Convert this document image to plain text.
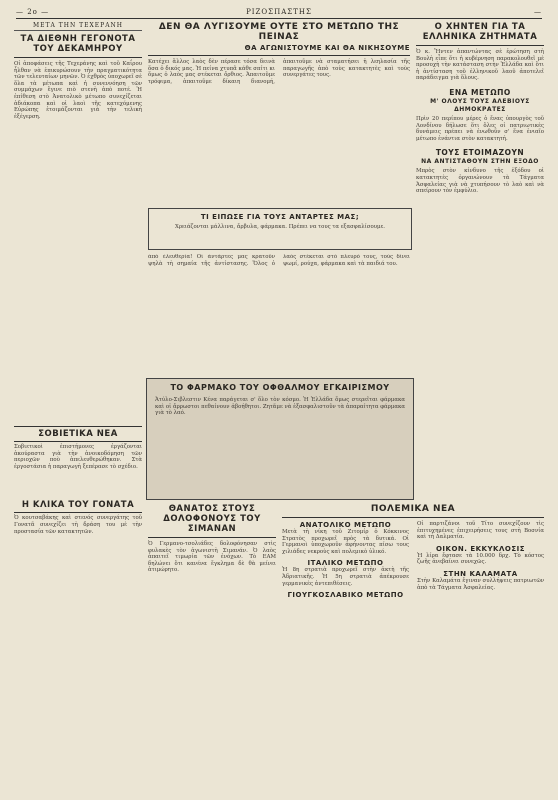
— 2ο —	ΡΙΖΟΣΠΑΣΤΗΣ	—
ΜΕΤΑ ΤΗΝ ΤΕΧΕΡΑΝΗ
ΤΑ ΔΙΕΘΝΗ ΓΕΓΟΝΟΤΑ ΤΟΥ ΔΕΚΑΜΗΡΟΥ
Οἱ ἀποφάσεις τῆς Τεχεράνης καὶ τοῦ Καΐρου ἦλθαν νὰ ἐπικυρώσουν τὴν πραγματικότητα τῶν τελευταίων μηνῶν. Ὁ ἐχθρὸς ὑποχωρεῖ σὲ ὅλα τὰ μέτωπα καὶ ἡ συνεννόηση τῶν συμμάχων ἔγινε πιὸ στενὴ ἀπὸ ποτέ. Ἡ ἐπίθεση στὸ Ἀνατολικὸ μέτωπο συνεχίζεται ἀδιάκοπα καὶ οἱ λαοὶ τῆς κατεχόμενης Εὐρώπης ἑτοιμάζονται γιὰ τὴν τελικὴ ἐξέγερση.
ΔΕΝ ΘΑ ΛΥΓΙΣΟΥΜΕ ΟΥΤΕ ΣΤΟ ΜΕΤΩΠΟ ΤΗΣ ΠΕΙΝΑΣ
ΘΑ ΑΓΩΝΙΣΤΟΥΜΕ ΚΑΙ ΘΑ ΝΙΚΗΣΟΥΜΕ
Κατέχει ἄλλος λαὸς δὲν πέρασε τόσα δεινὰ ὅσα ὁ δικός μας. Ἡ πείνα χτυπᾶ κάθε σπίτι κι ὅμως ὁ λαὸς μας στέκεται ὄρθιος. Ἀπαιτοῦμε τρόφιμα, ἀπαιτοῦμε δίκαιη διανομή, ἀπαιτοῦμε νὰ σταματήσει ἡ λεηλασία τῆς παραγωγῆς ἀπὸ τοὺς κατακτητὲς καὶ τοὺς συνεργάτες τους.
ΤΙ ΕΙΠΩΣΕ ΓΙΑ ΤΟΥΣ ΑΝΤΑΡΤΕΣ ΜΑΣ;
Χρειάζονται μάλλινα, ἄρβυλα, φάρμακα. Πρέπει να τους τα εξασφαλίσουμε.
ἀπὸ ἐλευθερία! Οἱ ἀντάρτες μας κρατοῦν ψηλὰ τὴ σημαία τῆς ἀντίστασης. Ὅλος ὁ λαὸς στέκεται στὸ πλευρό τους, τοὺς δίνει ψωμί, ρούχα, φάρμακα καὶ τὰ παιδιά του.
Ο ΧΗΝΤΕΝ ΓΙΑ ΤΑ ΕΛΛΗΝΙΚΑ ΖΗΤΗΜΑΤΑ
Ὁ κ. Ἤντεν ἀπαντώντας σὲ ἐρώτηση στὴ Βουλὴ εἶπε ὅτι ἡ κυβέρνηση παρακολουθεῖ μὲ προσοχὴ τὴν κατάσταση στὴν Ἑλλάδα καὶ ὅτι ἡ ἀντίσταση τοῦ ἑλληνικοῦ λαοῦ ἀποτελεῖ παράδειγμα γιὰ ὅλους.
ΕΝΑ ΜΕΤΩΠΟ
Μ' ΟΛΟΥΣ ΤΟΥΣ ΑΛΕΒΙΟΥΣ ΔΗΜΟΚΡΑΤΕΣ
Πρὶν 20 περίπου μέρες ὁ ἔνας ὑπουργὸς τοῦ Λονδίνου δήλωσε ὅτι ὅλες οἱ πατριωτικὲς δυνάμεις πρέπει νὰ ἑνωθοῦν σ' ἕνα ἑνιαῖο μέτωπο ἐνάντια στὸν κατακτητή.
ΤΟΥΣ ΕΤΟΙΜΑΖΟΥΝ
ΝΑ ΑΝΤΙΣΤΑΘΟΥΝ ΣΤΗΝ ΕΞΟΔΟ
Μπρὸς στὸν κίνδυνο τῆς ἐξόδου οἱ κατακτητὲς ὀργανώνουν τὰ Τάγματα Ἀσφαλείας γιὰ νὰ χτυπήσουν τὸ λαὸ καὶ νὰ σπείρουν τὸν ἐμφύλιο.
ΤΟ ΦΑΡΜΑΚΟ ΤΟΥ ΟΦΘΑΛΜΟΥ ΕΓΚΑΙΡΙΣΜΟΥ
Ἀτύλο-Σιβλεστιν Κένα παράγεται σ' ὅλο τὸν κόσμο. Ἡ Ἑλλάδα ὅμως στερεῖται φάρμακα καὶ οἱ ἄρρωστοι πεθαίνουν ἀβοήθητοι. Ζητᾶμε νὰ ἐξασφαλιστοῦν τὰ ἀπαραίτητα φάρμακα γιὰ τὸ λαό.
ΣΟΒΙΕΤΙΚΑ ΝΕΑ
Σοβιετικοὶ ἐπιστήμονες ἐργάζονται ἀκούραστα γιὰ τὴν ἀνοικοδόμηση τῶν περιοχῶν ποὺ ἀπελευθερώθηκαν. Στὰ ἐργοστάσια ἡ παραγωγὴ ξεπέρασε τὸ σχέδιο.
Η ΚΛΙΚΑ ΤΟΥ ΓΟΝΑΤΑ
Ὁ κουτσαβάκης καὶ στενός συνεργάτης τοῦ Γονατᾶ συνεχίζει τὴ δράση του μὲ τὴν προστασία τῶν κατακτητῶν.
ΘΑΝΑΤΟΣ ΣΤΟΥΣ ΔΟΛΟΦΟΝΟΥΣ ΤΟΥ ΣΙΜΑΝΑΝ
Ὁ Γερμανο-τσολιάδες δολοφόνησαν στὶς φυλακὲς τὸν ἀγωνιστὴ Σιμανάν. Ὁ λαὸς ἀπαιτεῖ τιμωρία τῶν ἐνόχων. Τὸ ΕΑΜ δηλώνει ὅτι κανένα ἔγκλημα δὲ θὰ μείνει ἀτιμώρητο.
ΠΟΛΕΜΙΚΑ ΝΕΑ
ΑΝΑΤΟΛΙΚΟ ΜΕΤΩΠΟ
Μετὰ τὴ νίκη τοῦ Ζιτομίρ ὁ Κόκκινος Στρατὸς προχωρεῖ πρὸς τὰ δυτικά. Οἱ Γερμανοὶ ὑποχωροῦν ἀφήνοντας πίσω τους χιλιάδες νεκροὺς καὶ πολεμικὸ ὑλικό.
ΙΤΑΛΙΚΟ ΜΕΤΩΠΟ
Ἡ 8η στρατιὰ προχωρεῖ στὴν ἀκτὴ τῆς Ἀδριατικῆς. Ἡ 5η στρατιὰ ἀπέκρουσε γερμανικὲς ἀντεπιθέσεις.
ΓΙΟΥΓΚΟΣΛΑΒΙΚΟ ΜΕΤΩΠΟ
Οἱ παρτιζάνοι τοῦ Τίτο συνεχίζουν τὶς ἐπιτυχημένες ἐπιχειρήσεις τους στὴ Βοσνία καὶ τὴ Δαλματία.
ΟΙΚΟΝ. ΕΚΚΥΚΛΟΣΙΣ
Ἡ λίρα ἔφτασε τὰ 10.000 δρχ. Τὸ κόστος ζωῆς ἀνεβαίνει συνεχῶς.
ΣΤΗΝ ΚΑΛΑΜΑΤΑ
Στὴν Καλαμάτα ἔγιναν συλλήψεις πατριωτῶν ἀπὸ τὰ Τάγματα Ἀσφαλείας.
